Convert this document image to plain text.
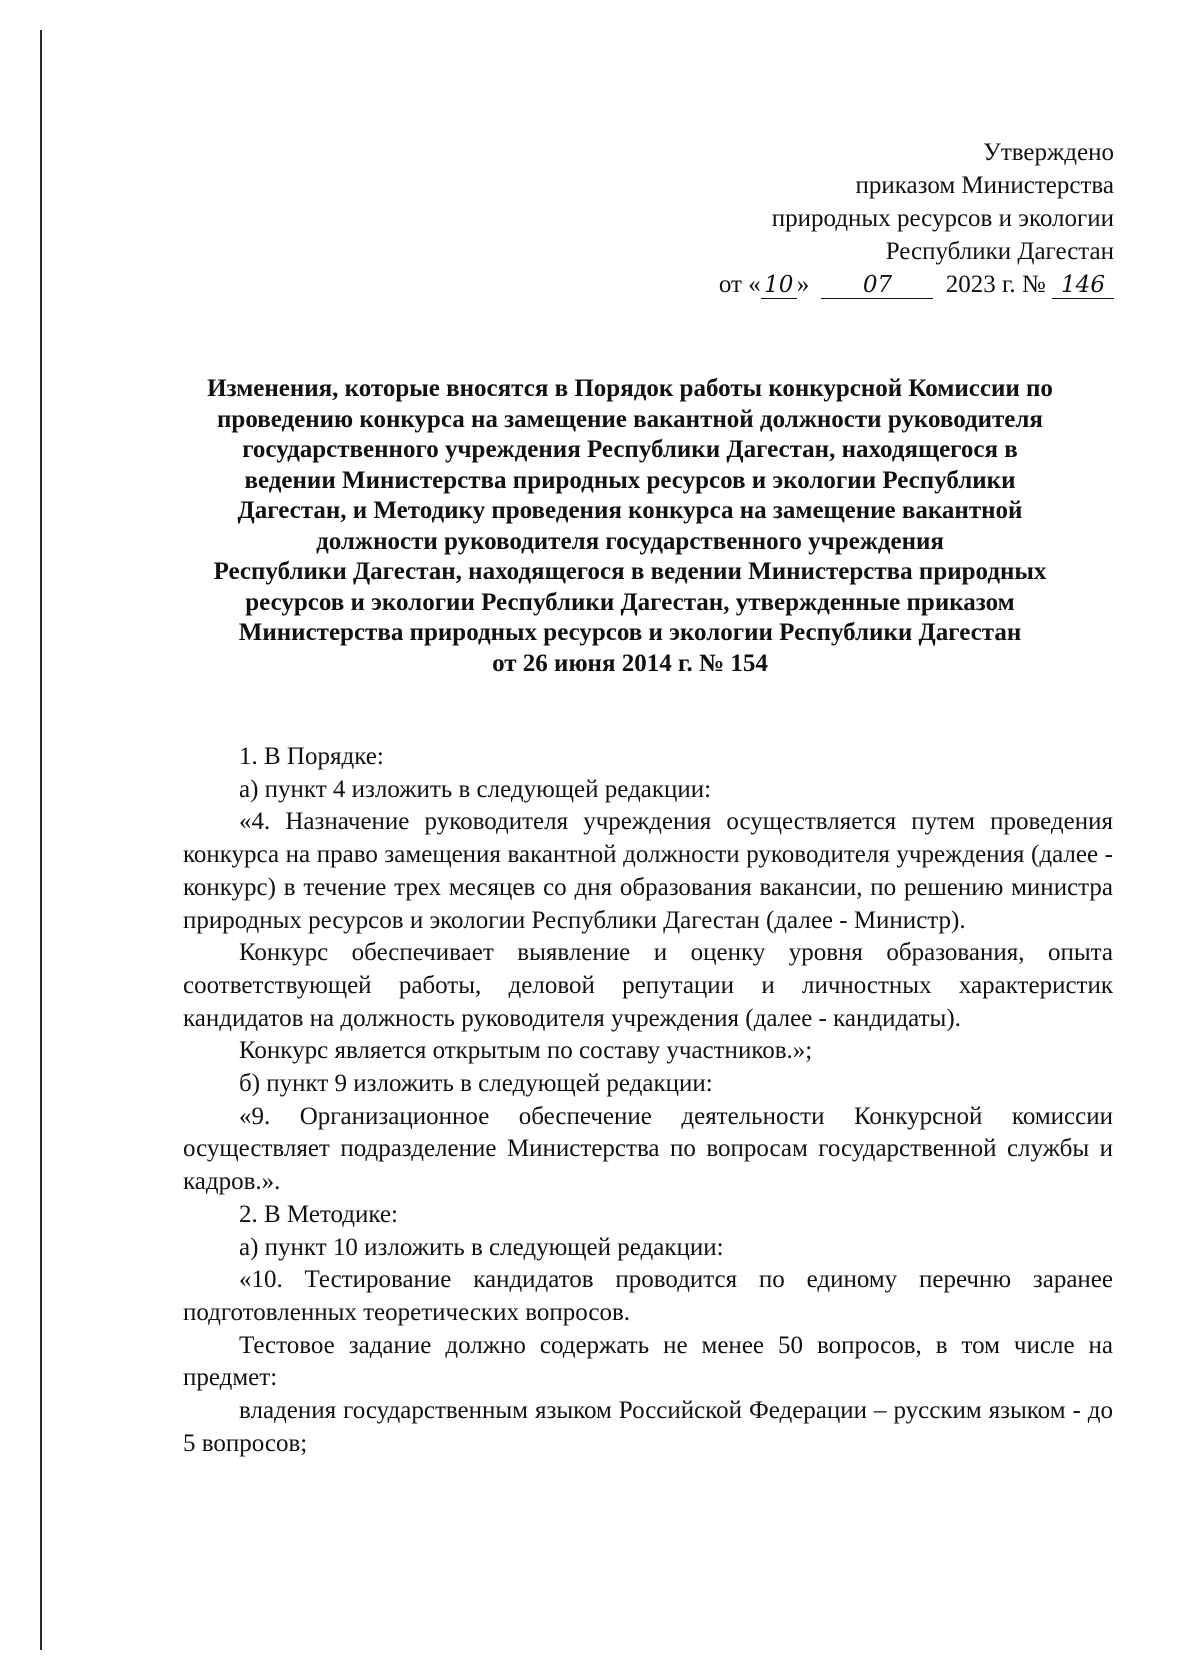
Утверждено
приказом Министерства
природных ресурсов и экологии
Республики Дагестан
от « 10 » 07 2023 г. № 146
Изменения, которые вносятся в Порядок работы конкурсной Комиссии по
проведению конкурса на замещение вакантной должности руководителя
государственного учреждения Республики Дагестан, находящегося в
ведении Министерства природных ресурсов и экологии Республики
Дагестан, и Методику проведения конкурса на замещение вакантной
должности руководителя государственного учреждения
Республики Дагестан, находящегося в ведении Министерства природных
ресурсов и экологии Республики Дагестан, утвержденные приказом
Министерства природных ресурсов и экологии Республики Дагестан
от 26 июня 2014 г. № 154

1. В Порядке:

а) пункт 4 изложить в следующей редакции:

«4. Назначение руководителя учреждения осуществляется путем проведения конкурса на право замещения вакантной должности руководителя учреждения (далее - конкурс) в течение трех месяцев со дня образования вакансии, по решению министра природных ресурсов и экологии Республики Дагестан (далее - Министр).

Конкурс обеспечивает выявление и оценку уровня образования, опыта соответствующей работы, деловой репутации и личностных характеристик кандидатов на должность руководителя учреждения (далее - кандидаты).

Конкурс является открытым по составу участников.»;

б) пункт 9 изложить в следующей редакции:

«9. Организационное обеспечение деятельности Конкурсной комиссии осуществляет подразделение Министерства по вопросам государственной службы и кадров.».

2. В Методике:

а) пункт 10 изложить в следующей редакции:

«10. Тестирование кандидатов проводится по единому перечню заранее подготовленных теоретических вопросов.

Тестовое задание должно содержать не менее 50 вопросов, в том числе на предмет:

владения государственным языком Российской Федерации – русским языком - до 5 вопросов;
